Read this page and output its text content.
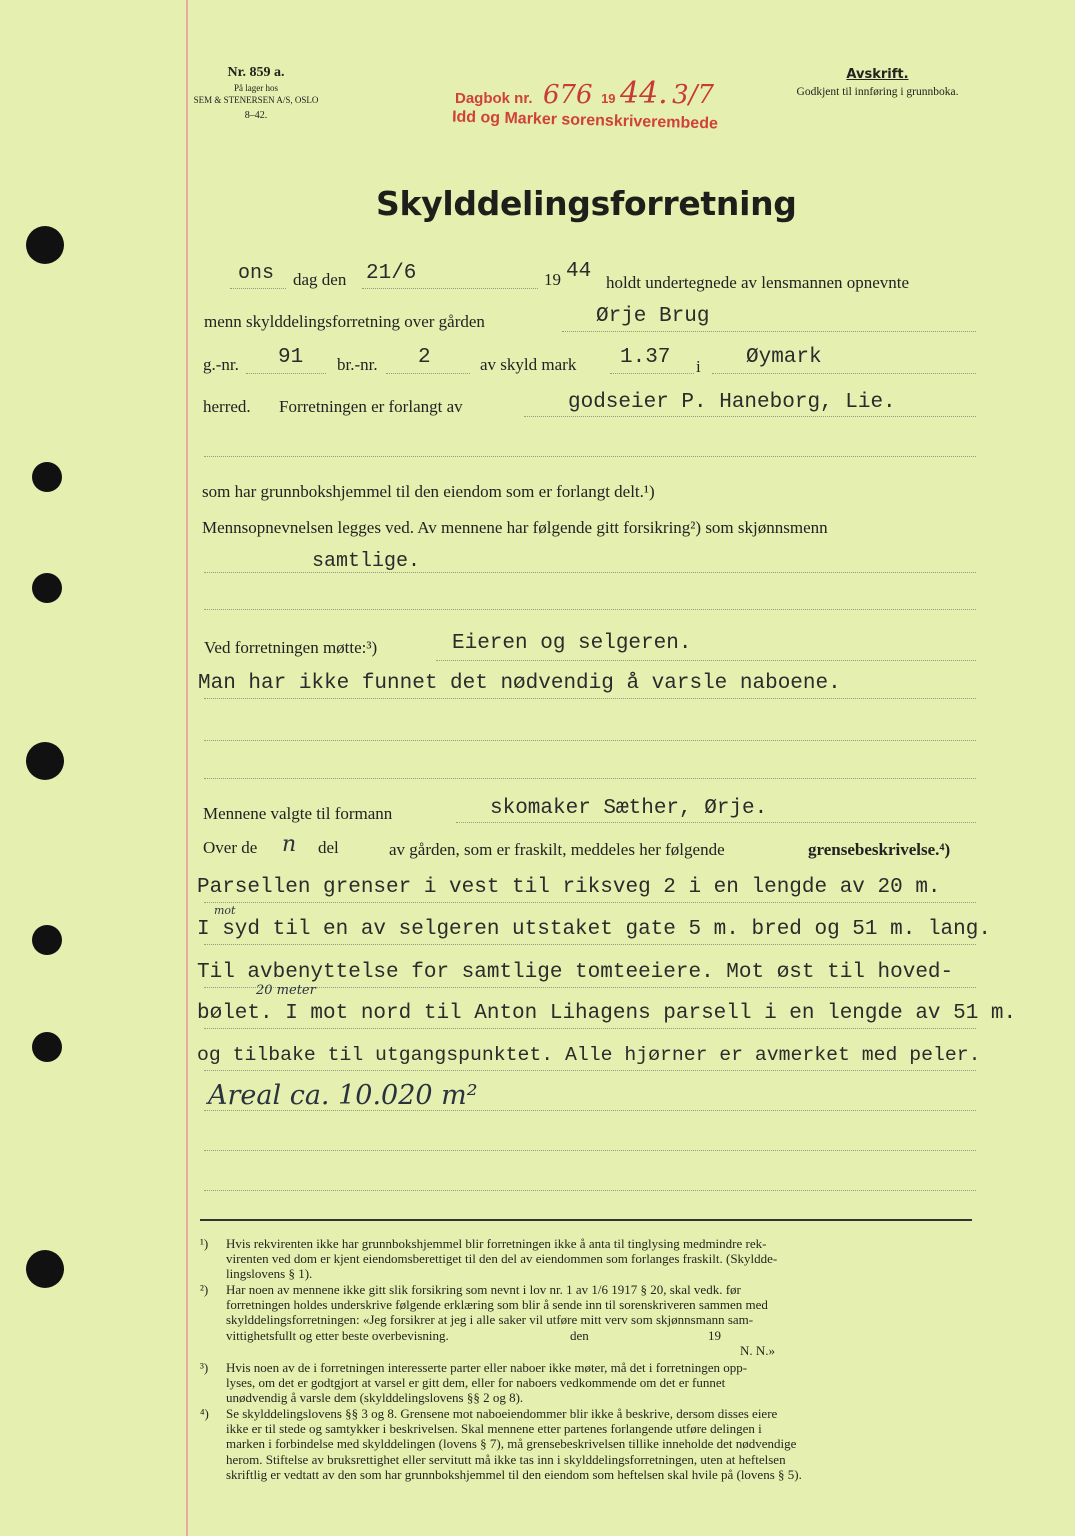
Nr. 859 a.
På lager hos
SEM & STENERSEN A/S, OSLO
8–42.
Dagbok nr. 676 19 44. 3/7
Idd og Marker sorenskriverembede
Avskrift.
Godkjent til innføring i grunnboka.
Skylddelingsforretning
ons dag den 21/6	19 44 holdt undertegnede av lensmannen opnevnte
menn skylddelingsforretning over gården	Ørje Brug
g.-nr. 91 br.-nr. 2	av skyld mark 1.37 i Øymark
herred. Forretningen er forlangt av	godseier P. Haneborg, Lie.
som har grunnbokshjemmel til den eiendom som er forlangt delt.¹)
Mennsopnevnelsen legges ved. Av mennene har følgende gitt forsikring²) som skjønnsmenn
samtlige.
Ved forretningen møtte:³)	Eieren og selgeren.
Man har ikke funnet det nødvendig å varsle naboene.
Mennene valgte til formann	skomaker Sæther, Ørje.
Over de n del	av gården, som er fraskilt, meddeles her følgende	grensebeskrivelse.⁴)
Parsellen grenser i vest til riksveg 2 i en lengde av 20 m.
I syd til en av selgeren utstaket gate 5 m. bred og 51 m. lang.
Til avbenyttelse for samtlige tomteeiere. Mot øst til hoved-
bølet. I mot nord til Anton Lihagens parsell i en lengde av 51 m.
og tilbake til utgangspunktet. Alle hjørner er avmerket med peler.
mot
20 meter
Areal ca. 10.020 m²
¹) Hvis rekvirenten ikke har grunnbokshjemmel blir forretningen ikke å anta til tinglysing medmindre rek-
virenten ved dom er kjent eiendomsberettiget til den del av eiendommen som forlanges fraskilt. (Skyldde-
lingslovens § 1).
²) Har noen av mennene ikke gitt slik forsikring som nevnt i lov nr. 1 av 1/6 1917 § 20, skal vedk. før
forretningen holdes underskrive følgende erklæring som blir å sende inn til sorenskriveren sammen med
skylddelingsforretningen: «Jeg forsikrer at jeg i alle saker vil utføre mitt verv som skjønnsmann sam-
vittighetsfullt og etter beste overbevisning.	den	19
N. N.»
³) Hvis noen av de i forretningen interesserte parter eller naboer ikke møter, må det i forretningen opp-
lyses, om det er godtgjort at varsel er gitt dem, eller for naboers vedkommende om det er funnet
unødvendig å varsle dem (skylddelingslovens §§ 2 og 8).
⁴) Se skylddelingslovens §§ 3 og 8. Grensene mot naboeiendommer blir ikke å beskrive, dersom disses eiere
ikke er til stede og samtykker i beskrivelsen. Skal mennene etter partenes forlangende utføre delingen i
marken i forbindelse med skylddelingen (lovens § 7), må grensebeskrivelsen tillike inneholde det nødvendige
herom. Stiftelse av bruksrettighet eller servitutt må ikke tas inn i skylddelingsforretningen, uten at heftelsen
skriftlig er vedtatt av den som har grunnbokshjemmel til den eiendom som heftelsen skal hvile på (lovens § 5).
